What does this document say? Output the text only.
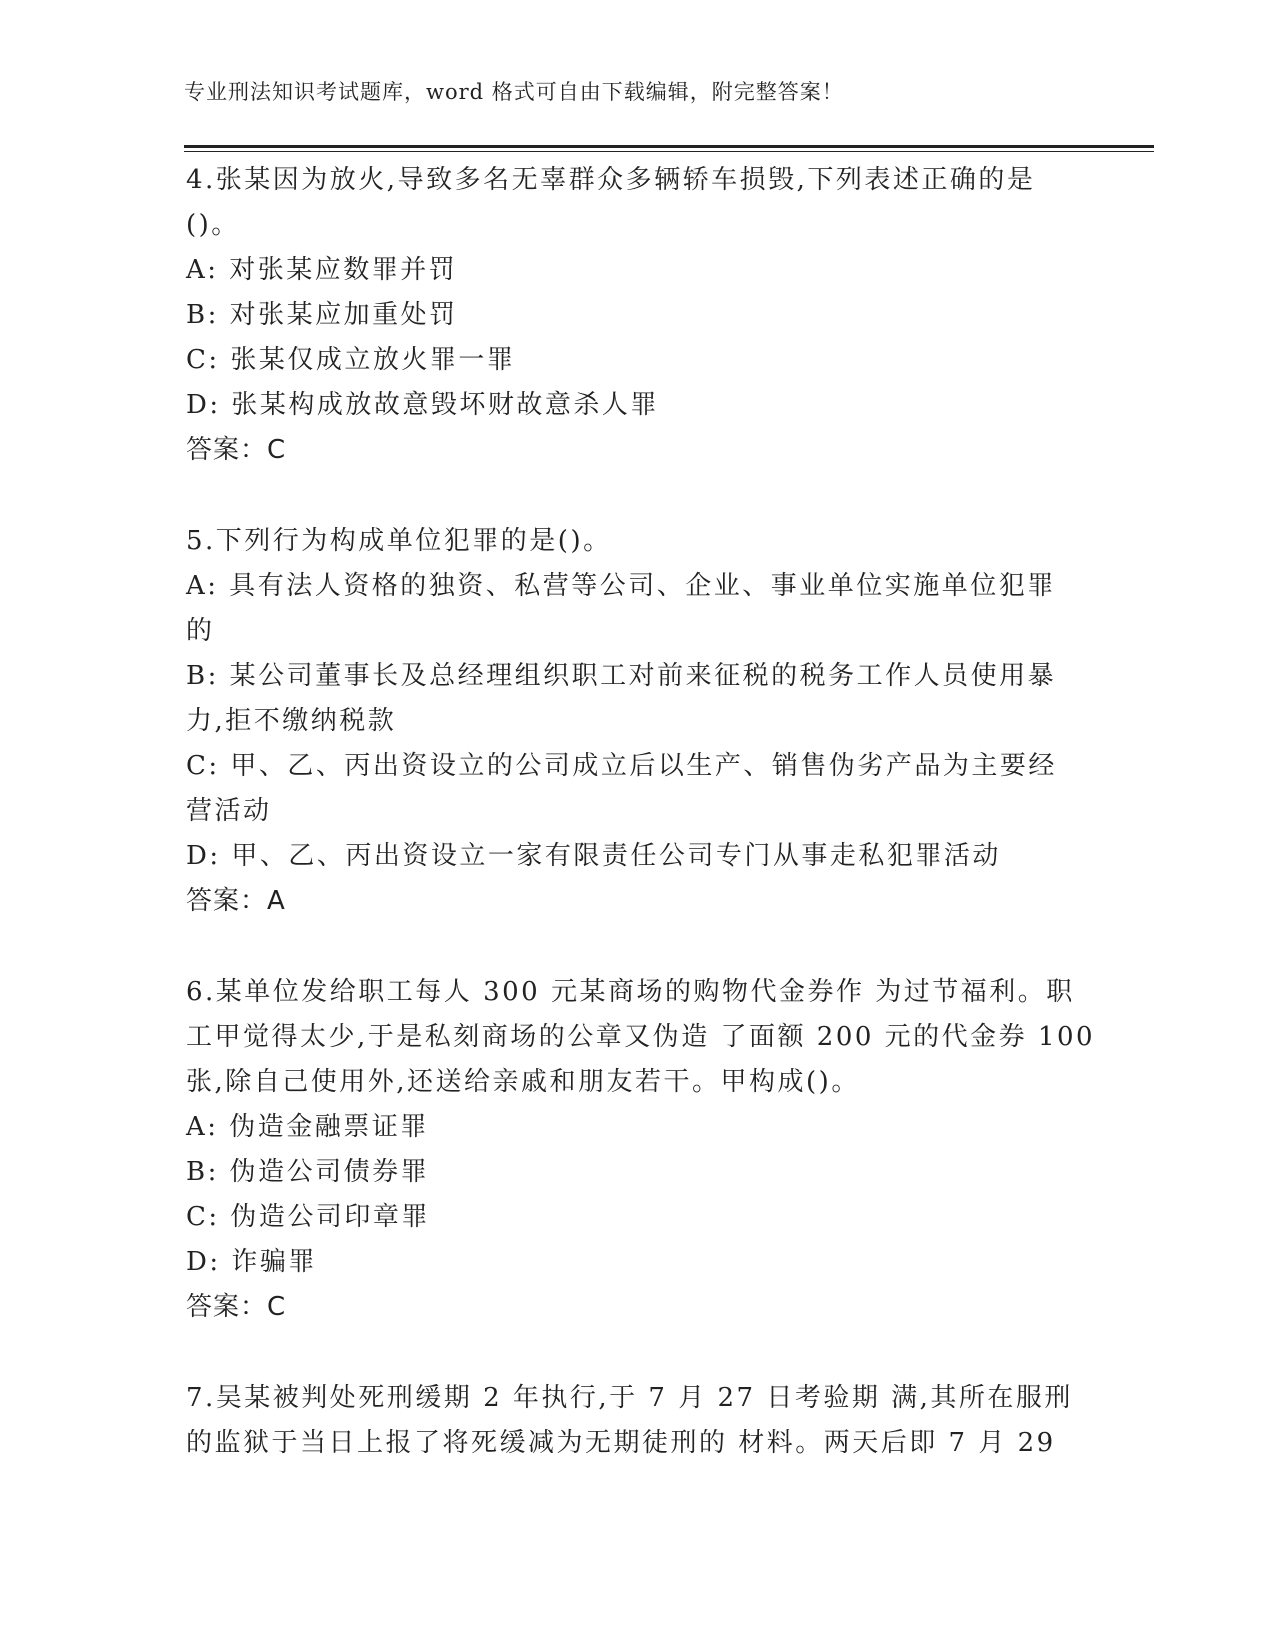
专业刑法知识考试题库，word 格式可自由下载编辑，附完整答案！
4.张某因为放火,导致多名无辜群众多辆轿车损毁,下列表述正确的是
()。
A: 对张某应数罪并罚
B: 对张某应加重处罚
C: 张某仅成立放火罪一罪
D: 张某构成放故意毁坏财故意杀人罪
答案：C
5.下列行为构成单位犯罪的是()。
A: 具有法人资格的独资、私营等公司、企业、事业单位实施单位犯罪
的
B: 某公司董事长及总经理组织职工对前来征税的税务工作人员使用暴
力,拒不缴纳税款
C: 甲、乙、丙出资设立的公司成立后以生产、销售伪劣产品为主要经
营活动
D: 甲、乙、丙出资设立一家有限责任公司专门从事走私犯罪活动
答案：A
6.某单位发给职工每人 300 元某商场的购物代金券作 为过节福利。职
工甲觉得太少,于是私刻商场的公章又伪造 了面额 200 元的代金券 100
张,除自己使用外,还送给亲戚和朋友若干。甲构成()。
A: 伪造金融票证罪
B: 伪造公司债券罪
C: 伪造公司印章罪
D: 诈骗罪
答案：C
7.吴某被判处死刑缓期 2 年执行,于 7 月 27 日考验期 满,其所在服刑
的监狱于当日上报了将死缓减为无期徒刑的 材料。两天后即 7 月 29
